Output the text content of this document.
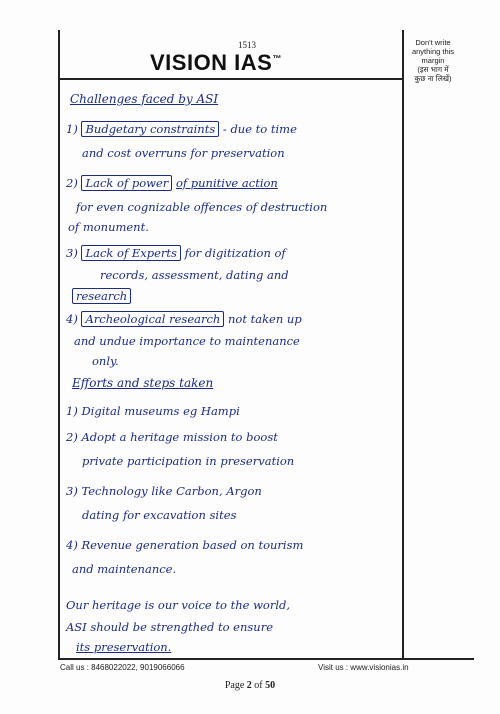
1513
VISION IAS™
Don't write
anything this
margin
(इस भाग में
कुछ ना लिखें)
Challenges faced by ASI
1) Budgetary constraints - due to time
and cost overruns for preservation
2) Lack of power of punitive action
for even cognizable offences of destruction
of monument.
3) Lack of Experts for digitization of
records, assessment, dating and
research
4) Archeological research not taken up
and undue importance to maintenance
only.
Efforts and steps taken
1) Digital museums eg Hampi
2) Adopt a heritage mission to boost
private participation in preservation
3) Technology like Carbon, Argon
dating for excavation sites
4) Revenue generation based on tourism
and maintenance.
Our heritage is our voice to the world,
ASI should be strengthed to ensure
its preservation.
Call us : 8468022022, 9019066066	Visit us : www.visionias.in
Page 2 of 50
